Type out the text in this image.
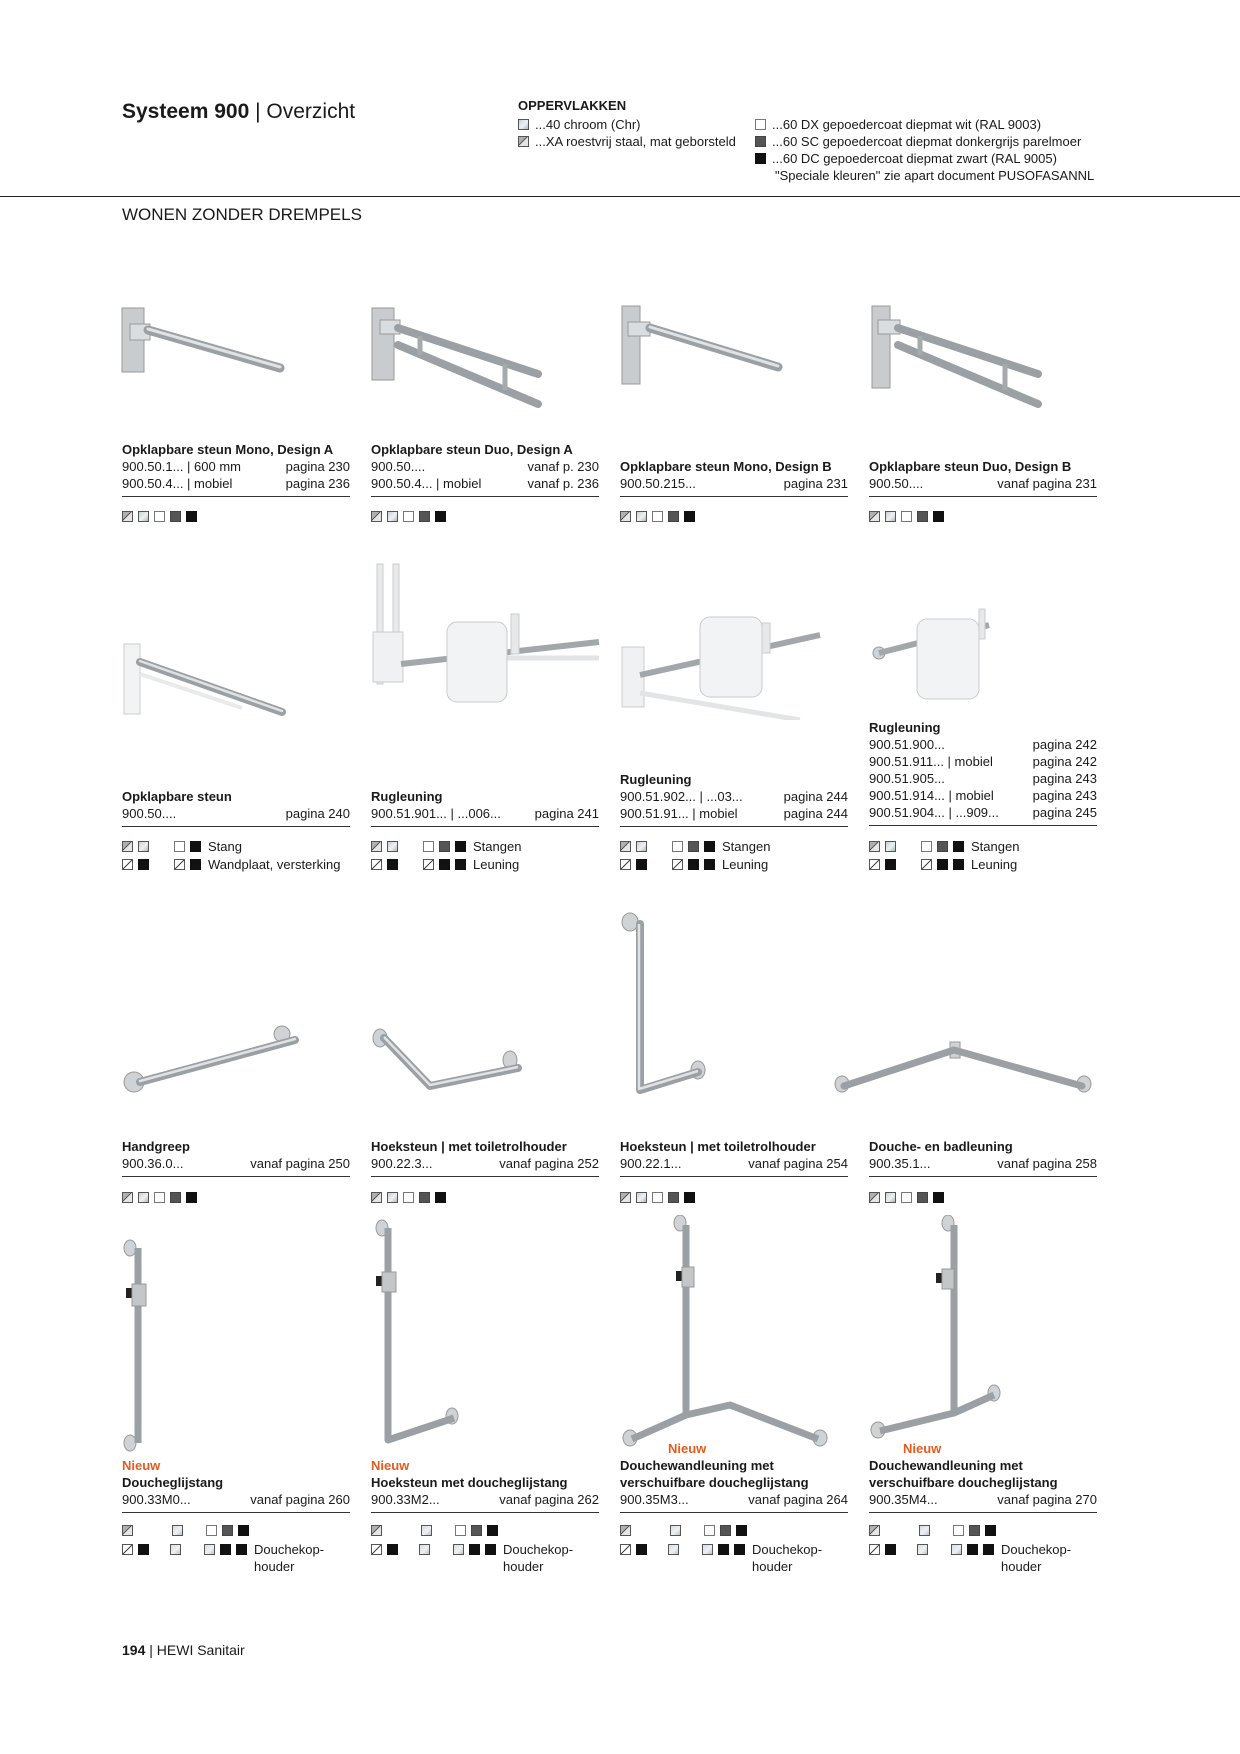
Systeem 900 | Overzicht	OPPERVLAKKEN
...40 chroom (Chr)
...XA roestvrij staal, mat geborsteld
...60 DX gepoedercoat diepmat wit (RAL 9003)
...60 SC gepoedercoat diepmat donkergrijs parelmoer
...60 DC gepoedercoat diepmat zwart (RAL 9005)
"Speciale kleuren" zie apart document PUSOFASANNL
WONEN ZONDER DREMPELS
Opklapbare steun Mono, Design A
900.50.1... | 600 mm	pagina 230
900.50.4... | mobiel	pagina 236
Opklapbare steun Duo, Design A
900.50....	vanaf p. 230
900.50.4... | mobiel	vanaf p. 236
Opklapbare steun Mono, Design B
900.50.215...	pagina 231
Opklapbare steun Duo, Design B
900.50....	vanaf pagina 231
Opklapbare steun
900.50....	pagina 240
Rugleuning
900.51.901... | ...006...	pagina 241
Rugleuning
900.51.902... | ...03...	pagina 244
900.51.91... | mobiel	pagina 244
Rugleuning
900.51.900...	pagina 242
900.51.911... | mobiel	pagina 242
900.51.905...	pagina 243
900.51.914... | mobiel	pagina 243
900.51.904... | ...909...	pagina 245
Stang
Wandplaat, versterking
Stangen
Leuning
Stangen
Leuning
Stangen
Leuning
Handgreep
900.36.0...	vanaf pagina 250
Hoeksteun | met toiletrolhouder
900.22.3...	vanaf pagina 252
Hoeksteun | met toiletrolhouder
900.22.1...	vanaf pagina 254
Douche- en badleuning
900.35.1...	vanaf pagina 258
Nieuw
Douchеglijstang
900.33M0...	vanaf pagina 260
Nieuw
Hoeksteun met doucheglijstang
900.33M2...	vanaf pagina 262
Nieuw
Douchewandleuning met
verschuifbare doucheglijstang
900.35M3...	vanaf pagina 264
Nieuw
Douchewandleuning met
verschuifbare doucheglijstang
900.35M4...	vanaf pagina 270
Douchekop-
houder
Douchekop-
houder
Douchekop-
houder
Douchekop-
houder
194 | HEWI Sanitair
